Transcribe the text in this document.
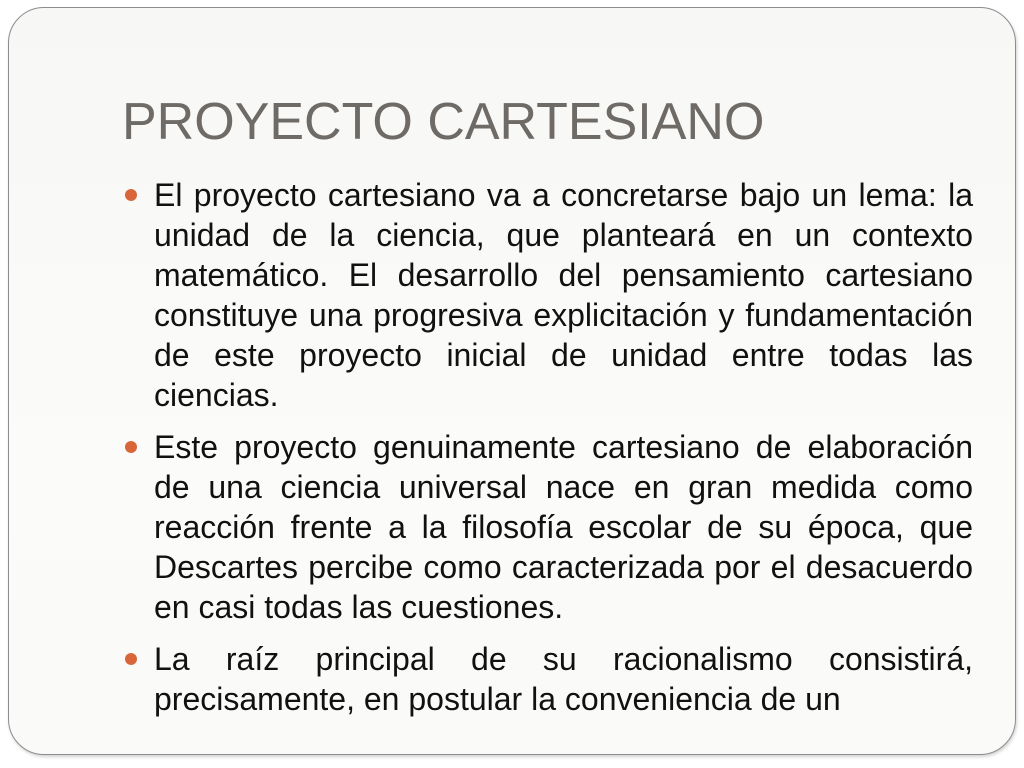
PROYECTO CARTESIANO
El proyecto cartesiano va a concretarse bajo un lema: la unidad de la ciencia, que planteará en un contexto matemático. El desarrollo del pensamiento cartesiano constituye una progresiva explicitación y fundamentación de este proyecto inicial de unidad entre todas las ciencias.
Este proyecto genuinamente cartesiano de elaboración de una ciencia universal nace en gran medida como reacción frente a la filosofía escolar de su época, que Descartes percibe como caracterizada por el desacuerdo en casi todas las cuestiones.
La raíz principal de su racionalismo consistirá, precisamente, en postular la conveniencia de un
